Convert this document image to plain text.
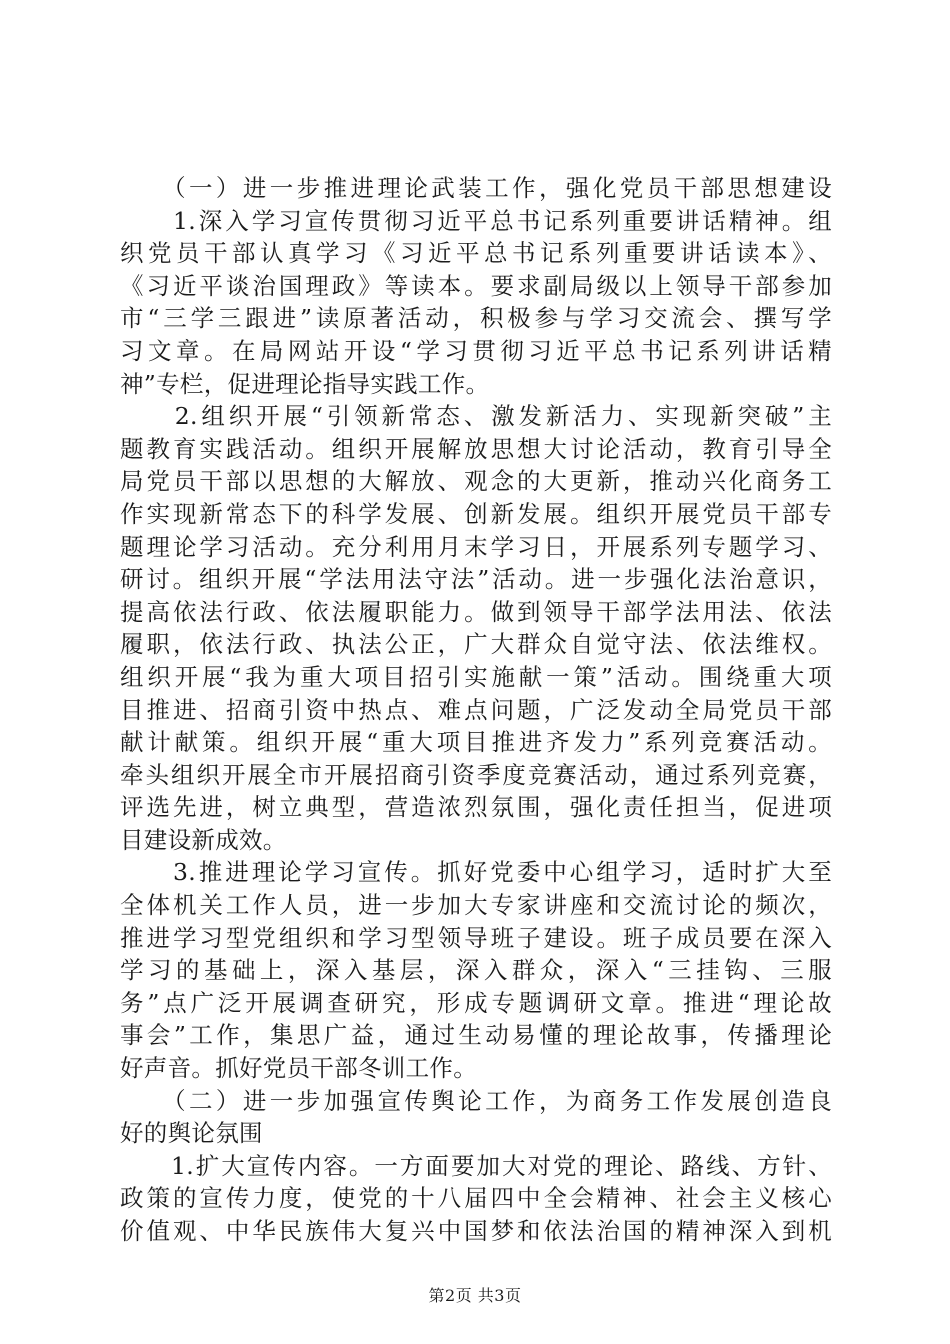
　　（一）进一步推进理论武装工作，强化党员干部思想建设
　　1.深入学习宣传贯彻习近平总书记系列重要讲话精神。组
织党员干部认真学习《习近平总书记系列重要讲话读本》、
《习近平谈治国理政》等读本。要求副局级以上领导干部参加
市“三学三跟进”读原著活动，积极参与学习交流会、撰写学
习文章。在局网站开设“学习贯彻习近平总书记系列讲话精
神”专栏，促进理论指导实践工作。
　　2.组织开展“引领新常态、激发新活力、实现新突破”主
题教育实践活动。组织开展解放思想大讨论活动，教育引导全
局党员干部以思想的大解放、观念的大更新，推动兴化商务工
作实现新常态下的科学发展、创新发展。组织开展党员干部专
题理论学习活动。充分利用月末学习日，开展系列专题学习、
研讨。组织开展“学法用法守法”活动。进一步强化法治意识，
提高依法行政、依法履职能力。做到领导干部学法用法、依法
履职，依法行政、执法公正，广大群众自觉守法、依法维权。
组织开展“我为重大项目招引实施献一策”活动。围绕重大项
目推进、招商引资中热点、难点问题，广泛发动全局党员干部
献计献策。组织开展“重大项目推进齐发力”系列竞赛活动。
牵头组织开展全市开展招商引资季度竞赛活动，通过系列竞赛，
评选先进，树立典型，营造浓烈氛围，强化责任担当，促进项
目建设新成效。
　　3.推进理论学习宣传。抓好党委中心组学习，适时扩大至
全体机关工作人员，进一步加大专家讲座和交流讨论的频次，
推进学习型党组织和学习型领导班子建设。班子成员要在深入
学习的基础上，深入基层，深入群众，深入“三挂钩、三服
务”点广泛开展调查研究，形成专题调研文章。推进“理论故
事会”工作，集思广益，通过生动易懂的理论故事，传播理论
好声音。抓好党员干部冬训工作。
　　（二）进一步加强宣传舆论工作，为商务工作发展创造良
好的舆论氛围
　　1.扩大宣传内容。一方面要加大对党的理论、路线、方针、
政策的宣传力度，使党的十八届四中全会精神、社会主义核心
价值观、中华民族伟大复兴中国梦和依法治国的精神深入到机
第2页 共3页
